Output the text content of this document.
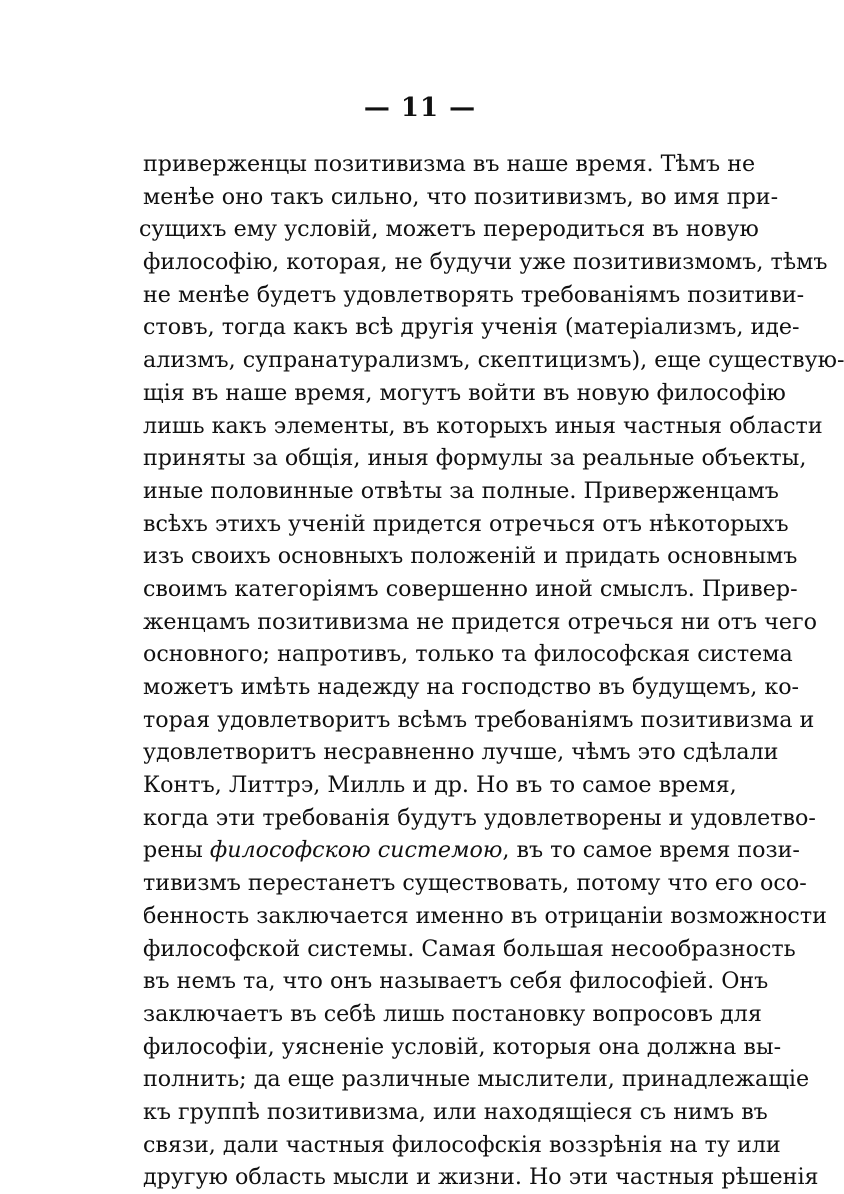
— 11 —
приверженцы позитивизма въ наше время. Тѣмъ не
менѣе оно такъ сильно, что позитивизмъ, во имя при-
сущихъ ему условій, можетъ переродиться въ новую
философію, которая, не будучи уже позитивизмомъ, тѣмъ
не менѣе будетъ удовлетворять требованіямъ позитиви-
стовъ, тогда какъ всѣ другія ученія (матеріализмъ, иде-
ализмъ, супранатурализмъ, скептицизмъ), еще существую-
щія въ наше время, могутъ войти въ новую философію
лишь какъ элементы, въ которыхъ иныя частныя области
приняты за общія, иныя формулы за реальные объекты,
иные половинные отвѣты за полные. Приверженцамъ
всѣхъ этихъ ученій придется отречься отъ нѣкоторыхъ
изъ своихъ основныхъ положеній и придать основнымъ
своимъ категоріямъ совершенно иной смыслъ. Привер-
женцамъ позитивизма не придется отречься ни отъ чего
основного; напротивъ, только та философская система
можетъ имѣть надежду на господство въ будущемъ, ко-
торая удовлетворитъ всѣмъ требованіямъ позитивизма и
удовлетворитъ несравненно лучше, чѣмъ это сдѣлали
Контъ, Литтрэ, Милль и др. Но въ то самое время,
когда эти требованія будутъ удовлетворены и удовлетво-
рены философскою системою, въ то самое время пози-
тивизмъ перестанетъ существовать, потому что его осо-
бенность заключается именно въ отрицаніи возможности
философской системы. Самая большая несообразность
въ немъ та, что онъ называетъ себя философіей. Онъ
заключаетъ въ себѣ лишь постановку вопросовъ для
философіи, уясненіе условій, которыя она должна вы-
полнить; да еще различные мыслители, принадлежащіе
къ группѣ позитивизма, или находящіеся съ нимъ въ
связи, дали частныя философскія воззрѣнія на ту или
другую область мысли и жизни. Но эти частныя рѣшенія
